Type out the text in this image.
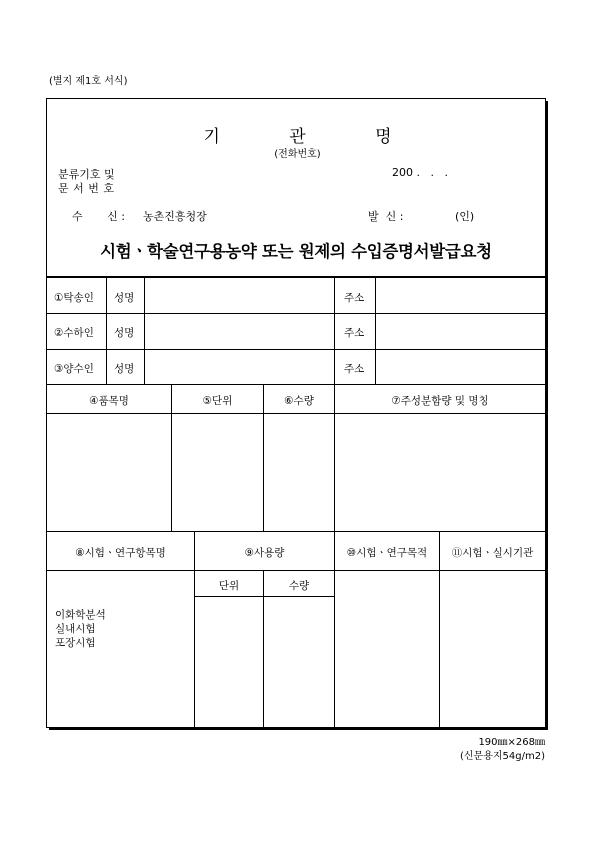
(별지 제1호 서식)
기 관 명
(전화번호)
분류기호 및
문 서 번 호
200 .   .   .
수       신 : 농촌진흥청장	발  신 :	(인)
시험ㆍ학술연구용농약 또는 원제의 수입증명서발급요청
①탁송인 성명	주소
②수하인 성명	주소
③양수인 성명	주소
④품목명	⑤단위	⑥수량	⑦주성분함량 및 명칭
⑧시험ㆍ연구항목명	⑨사용량	⑩시험ㆍ연구목적	⑪시험ㆍ실시기관
단위	수량
이화학분석
실내시험
포장시험
190㎜×268㎜
(신문용지54g/m2)
